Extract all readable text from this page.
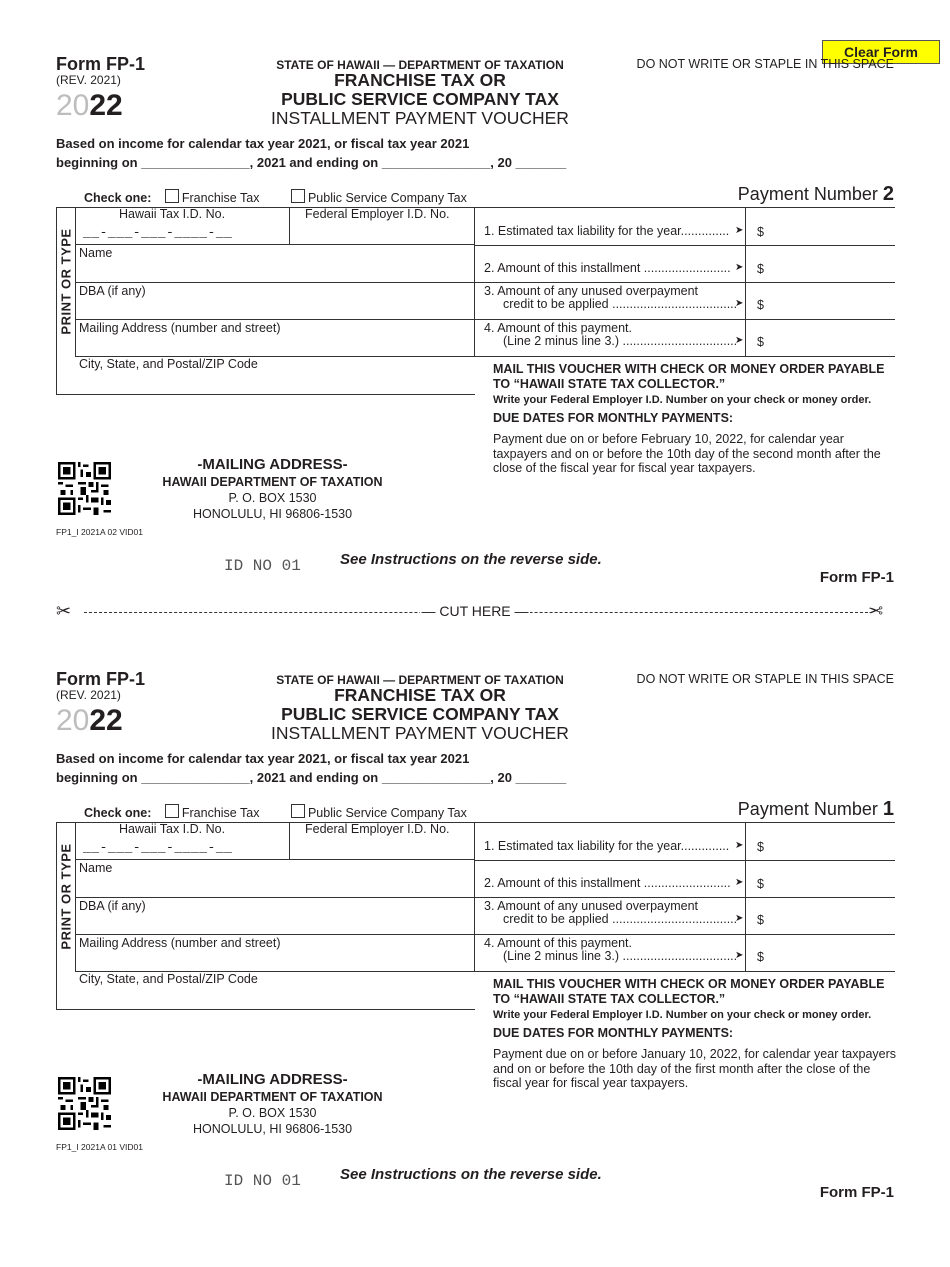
Clear Form
Form FP-1
(REV. 2021)
2022
STATE OF HAWAII — DEPARTMENT OF TAXATION
FRANCHISE TAX OR
PUBLIC SERVICE COMPANY TAX
INSTALLMENT PAYMENT VOUCHER
DO NOT WRITE OR STAPLE IN THIS SPACE
Based on income for calendar tax year 2021, or fiscal tax year 2021
beginning on _______________, 2021 and ending on _______________, 20 _______
Check one: Franchise Tax	Public Service Company Tax	Payment Number 2
PRINT OR TYPE
Hawaii Tax I.D. No.
__-___-___-____-__
Federal Employer I.D. No.
Name
DBA (if any)
Mailing Address (number and street)
City, State, and Postal/ZIP Code
1. Estimated tax liability for the year.............. ➤ $
2. Amount of this installment ......................... ➤ $
3. Amount of any unused overpayment
credit to be applied ....................................
➤ $
4. Amount of this payment.
(Line 2 minus line 3.) .................................
➤ $
MAIL THIS VOUCHER WITH CHECK OR MONEY ORDER PAYABLE TO “HAWAII STATE TAX COLLECTOR.”
Write your Federal Employer I.D. Number on your check or money order.
DUE DATES FOR MONTHLY PAYMENTS:
Payment due on or before February 10, 2022, for calendar year taxpayers and on or before the 10th day of the second month after the close of the fiscal year for fiscal year taxpayers.
-MAILING ADDRESS-
HAWAII DEPARTMENT OF TAXATION
P. O. BOX 1530
HONOLULU, HI 96806-1530
FP1_I 2021A 02 VID01
ID NO 01	See Instructions on the reverse side.
Form FP-1
✂	— CUT HERE —	✂
Form FP-1
(REV. 2021)
2022
STATE OF HAWAII — DEPARTMENT OF TAXATION
FRANCHISE TAX OR
PUBLIC SERVICE COMPANY TAX
INSTALLMENT PAYMENT VOUCHER
DO NOT WRITE OR STAPLE IN THIS SPACE
Based on income for calendar tax year 2021, or fiscal tax year 2021
beginning on _______________, 2021 and ending on _______________, 20 _______
Check one: Franchise Tax	Public Service Company Tax	Payment Number 1
PRINT OR TYPE
Hawaii Tax I.D. No.
__-___-___-____-__
Federal Employer I.D. No.
Name
DBA (if any)
Mailing Address (number and street)
City, State, and Postal/ZIP Code
1. Estimated tax liability for the year.............. ➤ $
2. Amount of this installment ......................... ➤ $
3. Amount of any unused overpayment
credit to be applied ....................................
➤ $
4. Amount of this payment.
(Line 2 minus line 3.) .................................
➤ $
MAIL THIS VOUCHER WITH CHECK OR MONEY ORDER PAYABLE TO “HAWAII STATE TAX COLLECTOR.”
Write your Federal Employer I.D. Number on your check or money order.
DUE DATES FOR MONTHLY PAYMENTS:
Payment due on or before January 10, 2022, for calendar year taxpayers and on or before the 10th day of the first month after the close of the fiscal year for fiscal year taxpayers.
-MAILING ADDRESS-
HAWAII DEPARTMENT OF TAXATION
P. O. BOX 1530
HONOLULU, HI 96806-1530
FP1_I 2021A 01 VID01
ID NO 01	See Instructions on the reverse side.
Form FP-1
